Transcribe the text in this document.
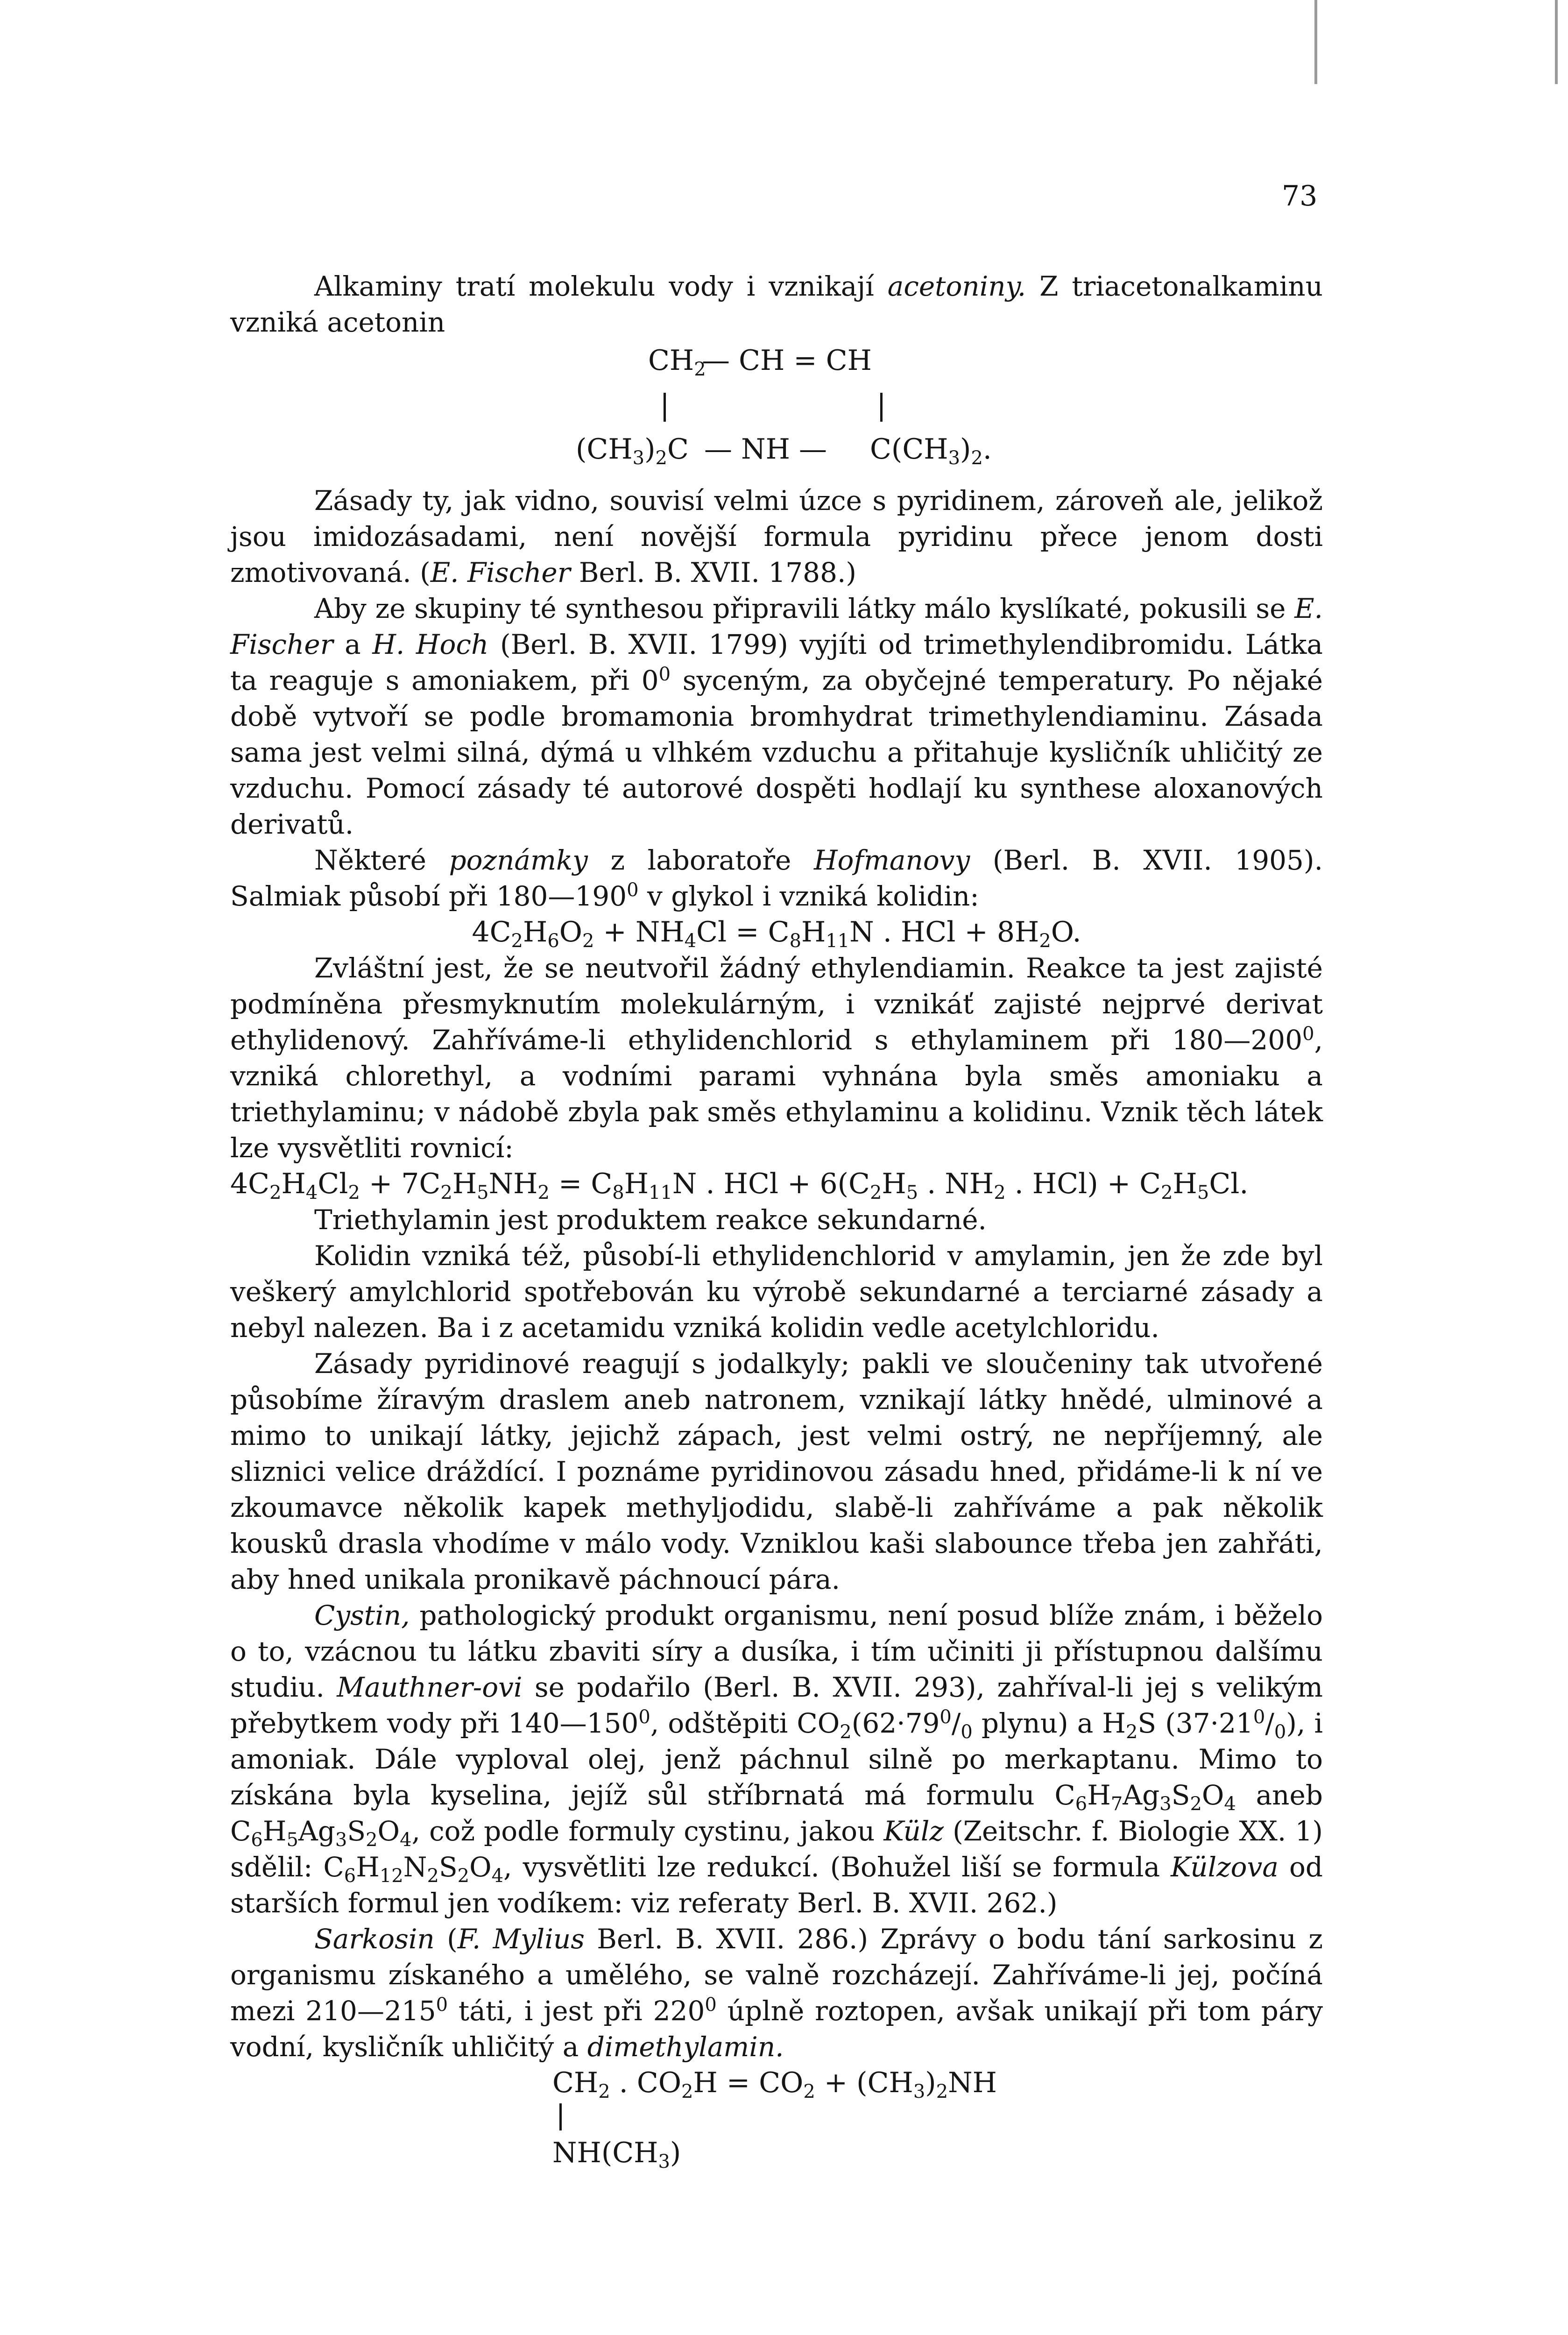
73

Alkaminy tratí molekulu vody i vznikají acetoniny. Z triacetonalkaminu vzniká acetonin

$CH_2$
— CH = CH
$(CH_3)_2C$ — NH — $C(CH_3)_2$.

Zásady ty, jak vidno, souvisí velmi úzce s pyridinem, zároveň ale, jelikož jsou imidozásadami, není novější formula pyridinu přece jenom dosti zmotivovaná. (E. Fischer Berl. B. XVII. 1788.)

Aby ze skupiny té synthesou připravili látky málo kyslíkaté, pokusili se E. Fischer a H. Hoch (Berl. B. XVII. 1799) vyjíti od trimethylendibromidu. Látka ta reaguje s amoniakem, při $0^0$ syceným, za obyčejné temperatury. Po nějaké době vytvoří se podle bromamonia bromhydrat trimethylendiaminu. Zásada sama jest velmi silná, dýmá u vlhkém vzduchu a přitahuje kysličník uhličitý ze vzduchu. Pomocí zásady té autorové dospěti hodlají ku synthese aloxanových derivatů.

Některé poznámky z laboratoře Hofmanovy (Berl. B. XVII. 1905). Salmiak působí při $180—190^0$ v glykol i vzniká kolidin:

$4C_2H_6O_2 + NH_4Cl = C_8H_{11}N$ . HCl + $8H_2O$.

Zvláštní jest, že se neutvořil žádný ethylendiamin. Reakce ta jest zajisté podmíněna přesmyknutím molekulárným, i vznikáť zajisté nejprvé derivat ethylidenový. Zahříváme-li ethylidenchlorid s ethylaminem při $180—200^0$, vzniká chlorethyl, a vodními parami vyhnána byla směs amoniaku a triethylaminu; v nádobě zbyla pak směs ethylaminu a kolidinu. Vznik těch látek lze vysvětliti rovnicí:

$4C_2H_4Cl_2 + 7C_2H_5NH_2 = C_8H_{11}N$ . HCl + $6(C_2H_5$ . $NH_2$ . $HCl) + C_2H_5Cl$.

Triethylamin jest produktem reakce sekundarné.

Kolidin vzniká též, působí-li ethylidenchlorid v amylamin, jen že zde byl veškerý amylchlorid spotřebován ku výrobě sekundarné a terciarné zásady a nebyl nalezen. Ba i z acetamidu vzniká kolidin vedle acetylchloridu.

Zásady pyridinové reagují s jodalkyly; pakli ve sloučeniny tak utvořené působíme žíravým draslem aneb natronem, vznikají látky hnědé, ulminové a mimo to unikají látky, jejichž zápach, jest velmi ostrý, ne nepříjemný, ale sliznici velice dráždící. I poznáme pyridinovou zásadu hned, přidáme-li k ní ve zkoumavce několik kapek methyljodidu, slabě-li zahříváme a pak několik kousků drasla vhodíme v málo vody. Vzniklou kaši slabounce třeba jen zahřáti, aby hned unikala pronikavě páchnoucí pára.

Cystin, pathologický produkt organismu, není posud blíže znám, i běželo o to, vzácnou tu látku zbaviti síry a dusíka, i tím učiniti ji přístupnou dalšímu studiu. Mauthner-ovi se podařilo (Berl. B. XVII. 293), zahříval-li jej s velikým přebytkem vody při $140—150^0$, odštěpiti $CO_2(62\cdot 79^0/_0$ plynu) a $H_2S$ $(37\cdot 21^0/_0)$, i amoniak. Dále vyploval olej, jenž páchnul silně po merkaptanu. Mimo to získána byla kyselina, jejíž sůl stříbrnatá má formulu $C_6H_7Ag_3S_2O_4$ aneb $C_6H_5Ag_3S_2O_4$, což podle formuly cystinu, jakou Külz (Zeitschr. f. Biologie XX. 1) sdělil: $C_6H_{12}N_2S_2O_4$, vysvětliti lze redukcí. (Bohužel liší se formula Külzova od starších formul jen vodíkem: viz referaty Berl. B. XVII. 262.)

Sarkosin (F. Mylius Berl. B. XVII. 286.) Zprávy o bodu tání sarkosinu z organismu získaného a umělého, se valně rozcházejí. Zahříváme-li jej, počíná mezi $210—215^0$ táti, i jest při $220^0$ úplně roztopen, avšak unikají při tom páry vodní, kysličník uhličitý a dimethylamin.

$CH_2$ . $CO_2H = CO_2 + (CH_3)_2NH$
$NH(CH_3)$
